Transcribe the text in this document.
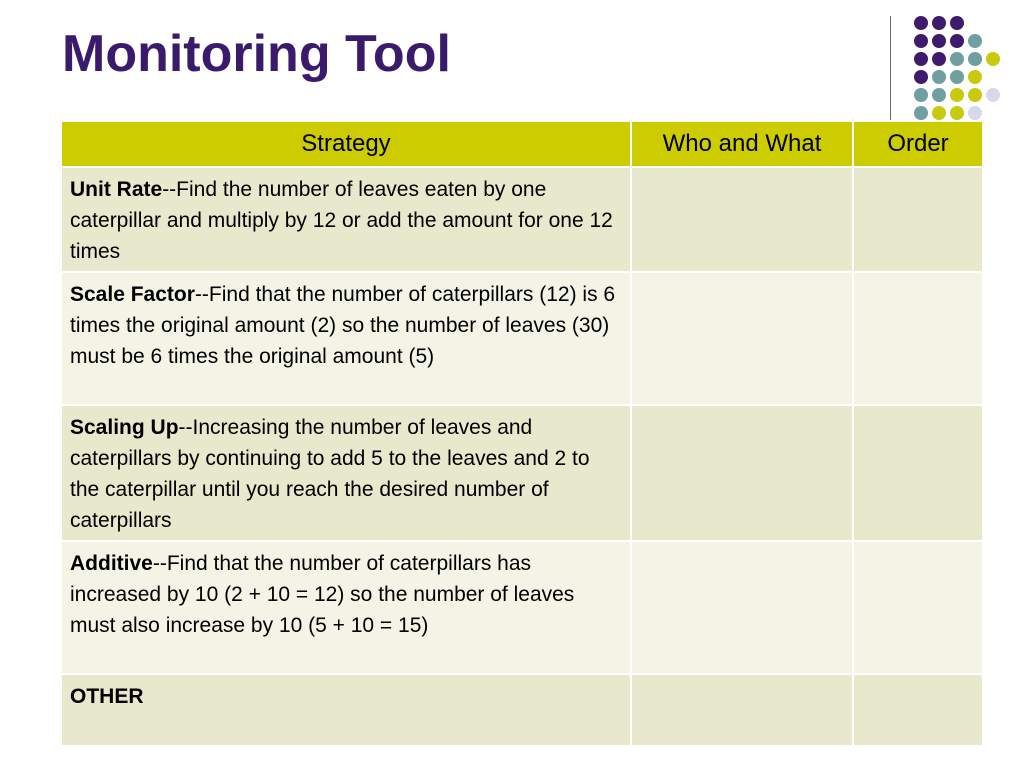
Monitoring Tool
Strategy	Who and What	Order
Unit Rate--Find the number of leaves eaten by one caterpillar and multiply by 12 or add the amount for one 12 times		
Scale Factor--Find that the number of caterpillars (12) is 6 times the original amount (2) so the number of leaves (30) must be 6 times the original amount (5)		
Scaling Up--Increasing the number of leaves and caterpillars by continuing to add 5 to the leaves and 2 to the caterpillar until you reach the desired number of caterpillars		
Additive--Find that the number of caterpillars has increased by 10 (2 + 10 = 12) so the number of leaves must also increase by 10 (5 + 10 = 15)		
OTHER		
